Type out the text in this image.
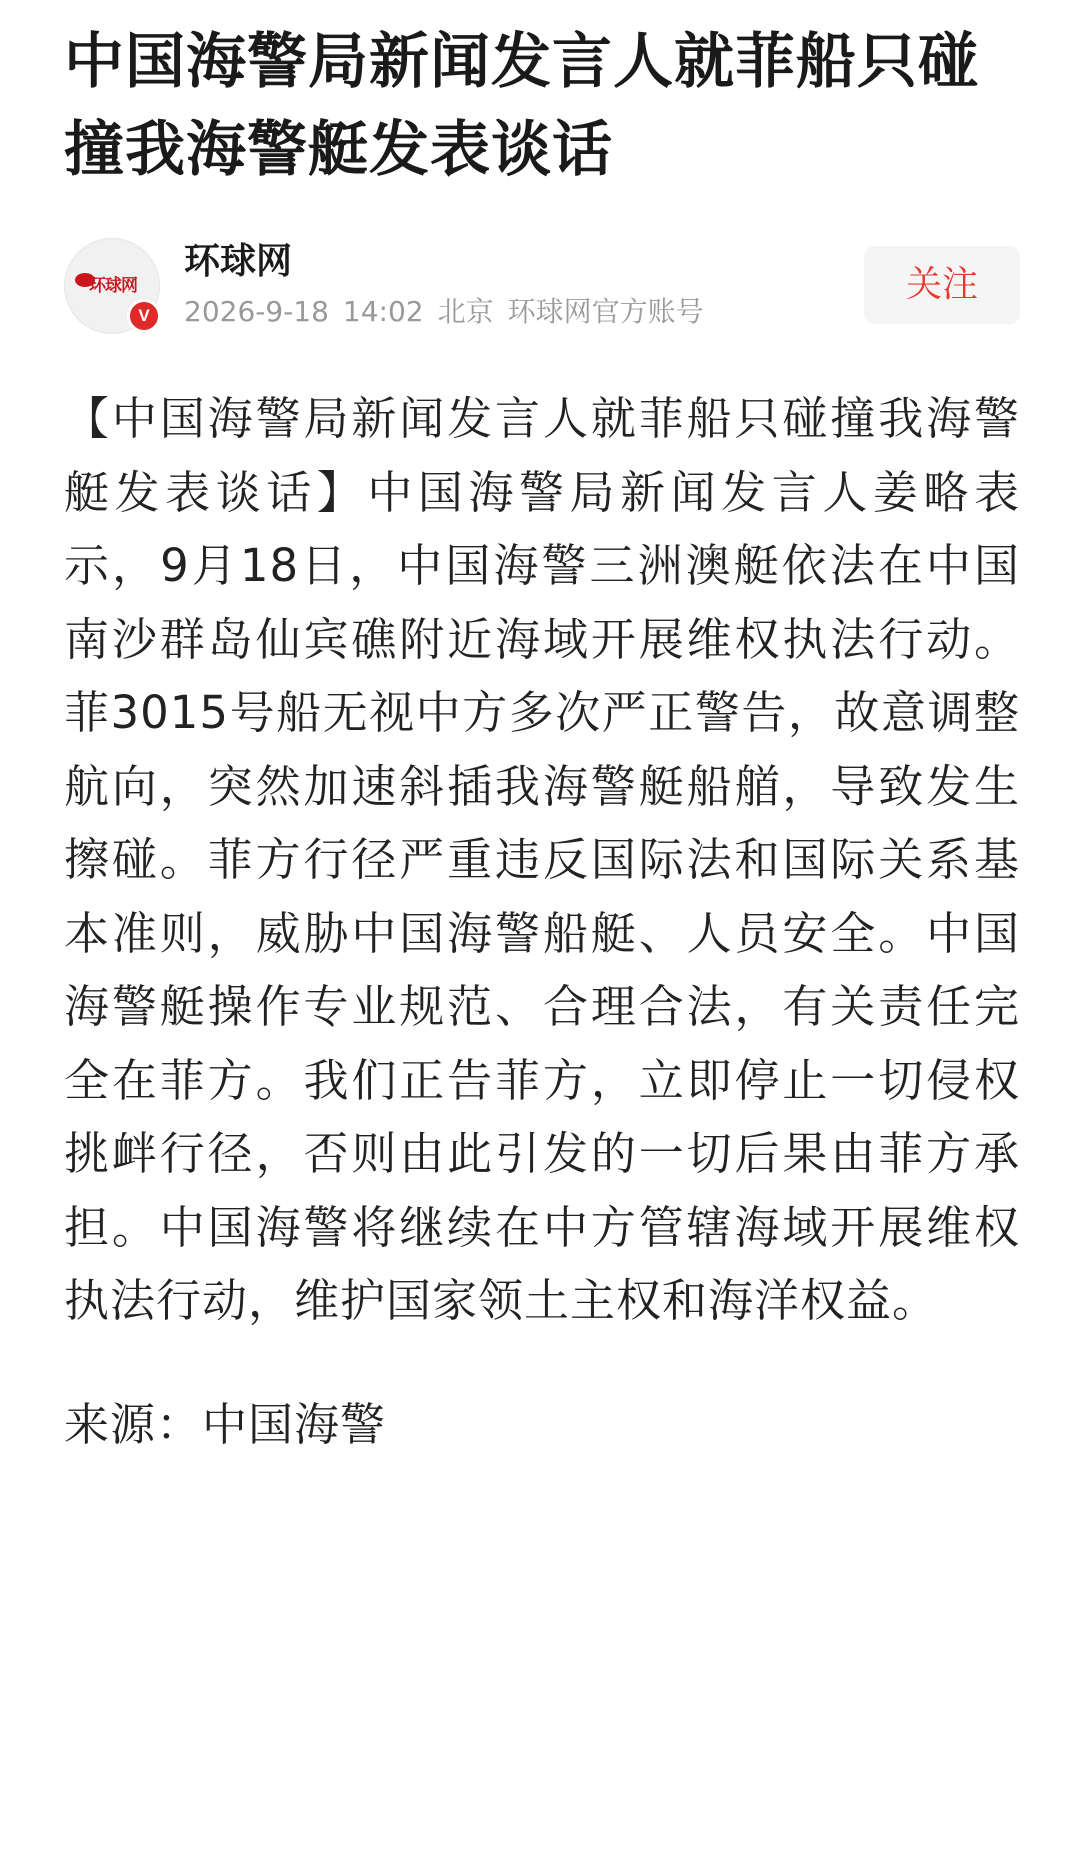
中国海警局新闻发言人就菲船只碰撞我海警艇发表谈话
环球网
V
环球网
2026-9-18 14:02 北京 环球网官方账号
关注

【中国海警局新闻发言人就菲船只碰撞我海警艇发表谈话】中国海警局新闻发言人姜略表示，9月18日，中国海警三洲澳艇依法在中国南沙群岛仙宾礁附近海域开展维权执法行动。菲3015号船无视中方多次严正警告，故意调整航向，突然加速斜插我海警艇船艏，导致发生擦碰。菲方行径严重违反国际法和国际关系基本准则，威胁中国海警船艇、人员安全。中国海警艇操作专业规范、合理合法，有关责任完全在菲方。我们正告菲方，立即停止一切侵权挑衅行径，否则由此引发的一切后果由菲方承担。中国海警将继续在中方管辖海域开展维权执法行动，维护国家领土主权和海洋权益。

来源：中国海警
